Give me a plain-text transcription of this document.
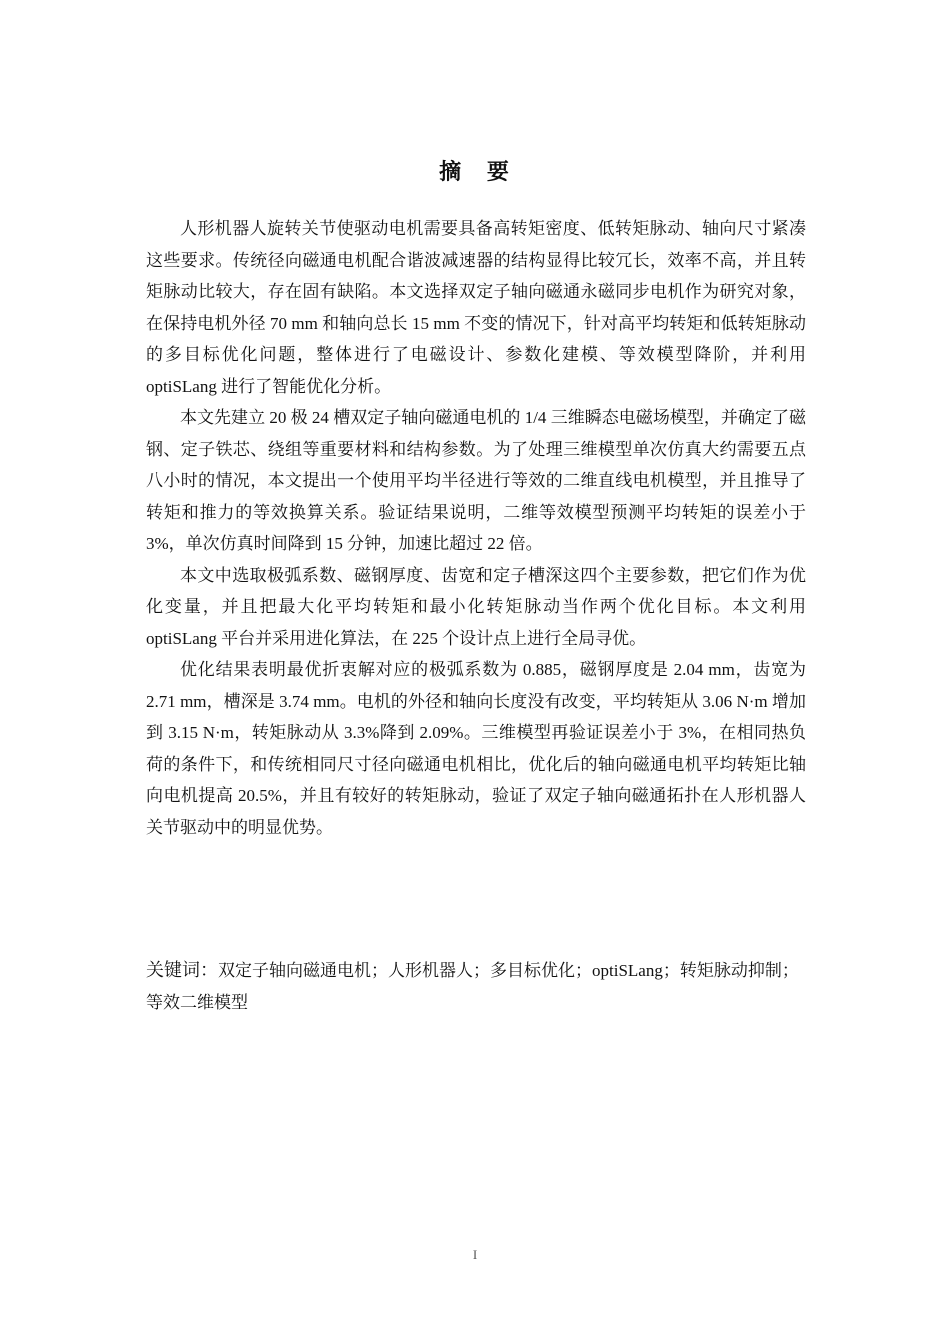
摘 要

人形机器人旋转关节使驱动电机需要具备高转矩密度、低转矩脉动、轴向尺寸紧凑这些要求。传统径向磁通电机配合谐波减速器的结构显得比较冗长，效率不高，并且转矩脉动比较大，存在固有缺陷。本文选择双定子轴向磁通永磁同步电机作为研究对象，在保持电机外径 70 mm 和轴向总长 15 mm 不变的情况下，针对高平均转矩和低转矩脉动的多目标优化问题，整体进行了电磁设计、参数化建模、等效模型降阶，并利用 optiSLang 进行了智能优化分析。

本文先建立 20 极 24 槽双定子轴向磁通电机的 1/4 三维瞬态电磁场模型，并确定了磁钢、定子铁芯、绕组等重要材料和结构参数。为了处理三维模型单次仿真大约需要五点八小时的情况，本文提出一个使用平均半径进行等效的二维直线电机模型，并且推导了转矩和推力的等效换算关系。验证结果说明，二维等效模型预测平均转矩的误差小于 3%，单次仿真时间降到 15 分钟，加速比超过 22 倍。

本文中选取极弧系数、磁钢厚度、齿宽和定子槽深这四个主要参数，把它们作为优化变量，并且把最大化平均转矩和最小化转矩脉动当作两个优化目标。本文利用 optiSLang 平台并采用进化算法，在 225 个设计点上进行全局寻优。

优化结果表明最优折衷解对应的极弧系数为 0.885，磁钢厚度是 2.04 mm，齿宽为 2.71 mm，槽深是 3.74 mm。电机的外径和轴向长度没有改变，平均转矩从 3.06 N·m 增加到 3.15 N·m，转矩脉动从 3.3%降到 2.09%。三维模型再验证误差小于 3%，在相同热负荷的条件下，和传统相同尺寸径向磁通电机相比，优化后的轴向磁通电机平均转矩比轴向电机提高 20.5%，并且有较好的转矩脉动，验证了双定子轴向磁通拓扑在人形机器人关节驱动中的明显优势。

关键词：双定子轴向磁通电机；人形机器人；多目标优化；optiSLang；转矩脉动抑制；等效二维模型
I
